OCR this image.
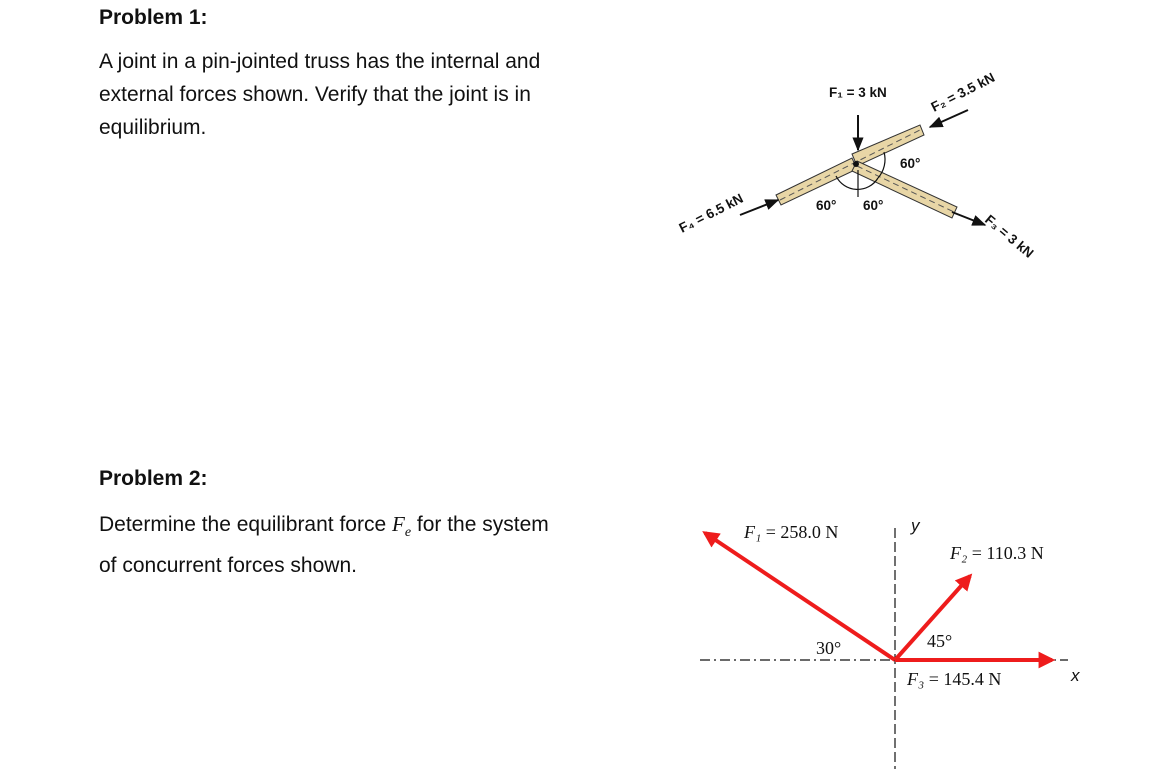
Problem 1:

A joint in a pin-jointed truss has the internal and

external forces shown. Verify that the joint is in

equilibrium.

Problem 2:

Determine the equilibrant force $F_e$ for the system

of concurrent forces shown.

F₁ = 3 kN	F₂ = 3.5 kN
F₃ = 3 kN
F₄ = 6.5 kN
60°
60° 60°
F₁ = 258.0 N
F₂ = 110.3 N
F₃ = 145.4 N
30°	45°
x
y
